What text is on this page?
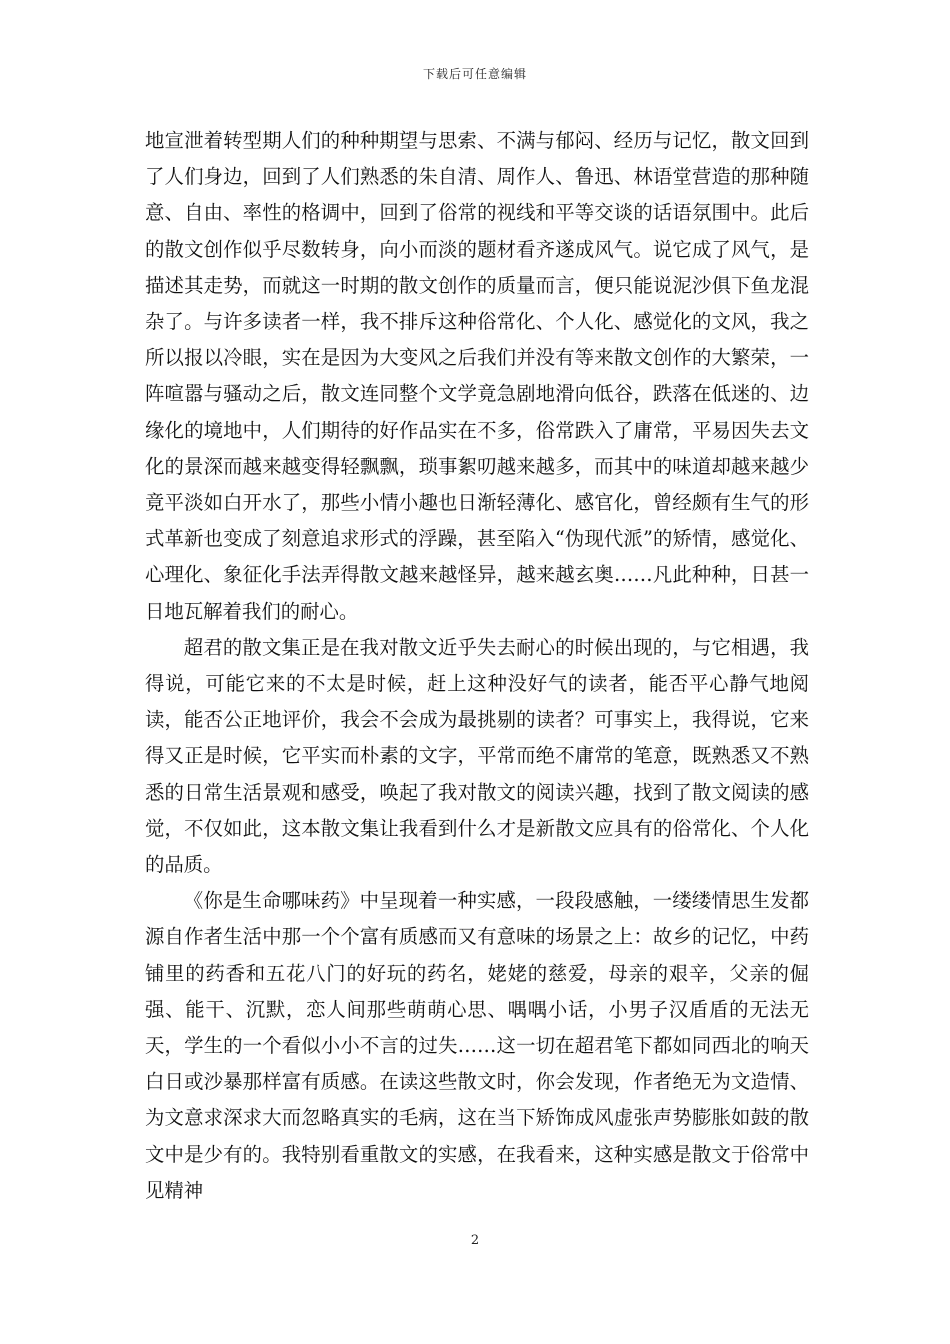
下载后可任意编辑

地宣泄着转型期人们的种种期望与思索、不满与郁闷、经历与记忆，散文回到了人们身边，回到了人们熟悉的朱自清、周作人、鲁迅、林语堂营造的那种随意、自由、率性的格调中，回到了俗常的视线和平等交谈的话语氛围中。此后的散文创作似乎尽数转身，向小而淡的题材看齐遂成风气。说它成了风气，是描述其走势，而就这一时期的散文创作的质量而言，便只能说泥沙俱下鱼龙混杂了。与许多读者一样，我不排斥这种俗常化、个人化、感觉化的文风，我之所以报以冷眼，实在是因为大变风之后我们并没有等来散文创作的大繁荣，一阵喧嚣与骚动之后，散文连同整个文学竟急剧地滑向低谷，跌落在低迷的、边缘化的境地中，人们期待的好作品实在不多，俗常跌入了庸常，平易因失去文化的景深而越来越变得轻飘飘，琐事絮叨越来越多，而其中的味道却越来越少竟平淡如白开水了，那些小情小趣也日渐轻薄化、感官化，曾经颇有生气的形式革新也变成了刻意追求形式的浮躁，甚至陷入“伪现代派”的矫情，感觉化、心理化、象征化手法弄得散文越来越怪异，越来越玄奥……凡此种种，日甚一日地瓦解着我们的耐心。

超君的散文集正是在我对散文近乎失去耐心的时候出现的，与它相遇，我得说，可能它来的不太是时候，赶上这种没好气的读者，能否平心静气地阅读，能否公正地评价，我会不会成为最挑剔的读者？可事实上，我得说，它来得又正是时候，它平实而朴素的文字，平常而绝不庸常的笔意，既熟悉又不熟悉的日常生活景观和感受，唤起了我对散文的阅读兴趣，找到了散文阅读的感觉，不仅如此，这本散文集让我看到什么才是新散文应具有的俗常化、个人化的品质。

《你是生命哪味药》中呈现着一种实感，一段段感触，一缕缕情思生发都源自作者生活中那一个个富有质感而又有意味的场景之上：故乡的记忆，中药铺里的药香和五花八门的好玩的药名，姥姥的慈爱，母亲的艰辛，父亲的倔强、能干、沉默，恋人间那些萌萌心思、喁喁小话，小男子汉盾盾的无法无天，学生的一个看似小小不言的过失……这一切在超君笔下都如同西北的响天白日或沙暴那样富有质感。在读这些散文时，你会发现，作者绝无为文造情、为文意求深求大而忽略真实的毛病，这在当下矫饰成风虚张声势膨胀如鼓的散文中是少有的。我特别看重散文的实感，在我看来，这种实感是散文于俗常中见精神

2
